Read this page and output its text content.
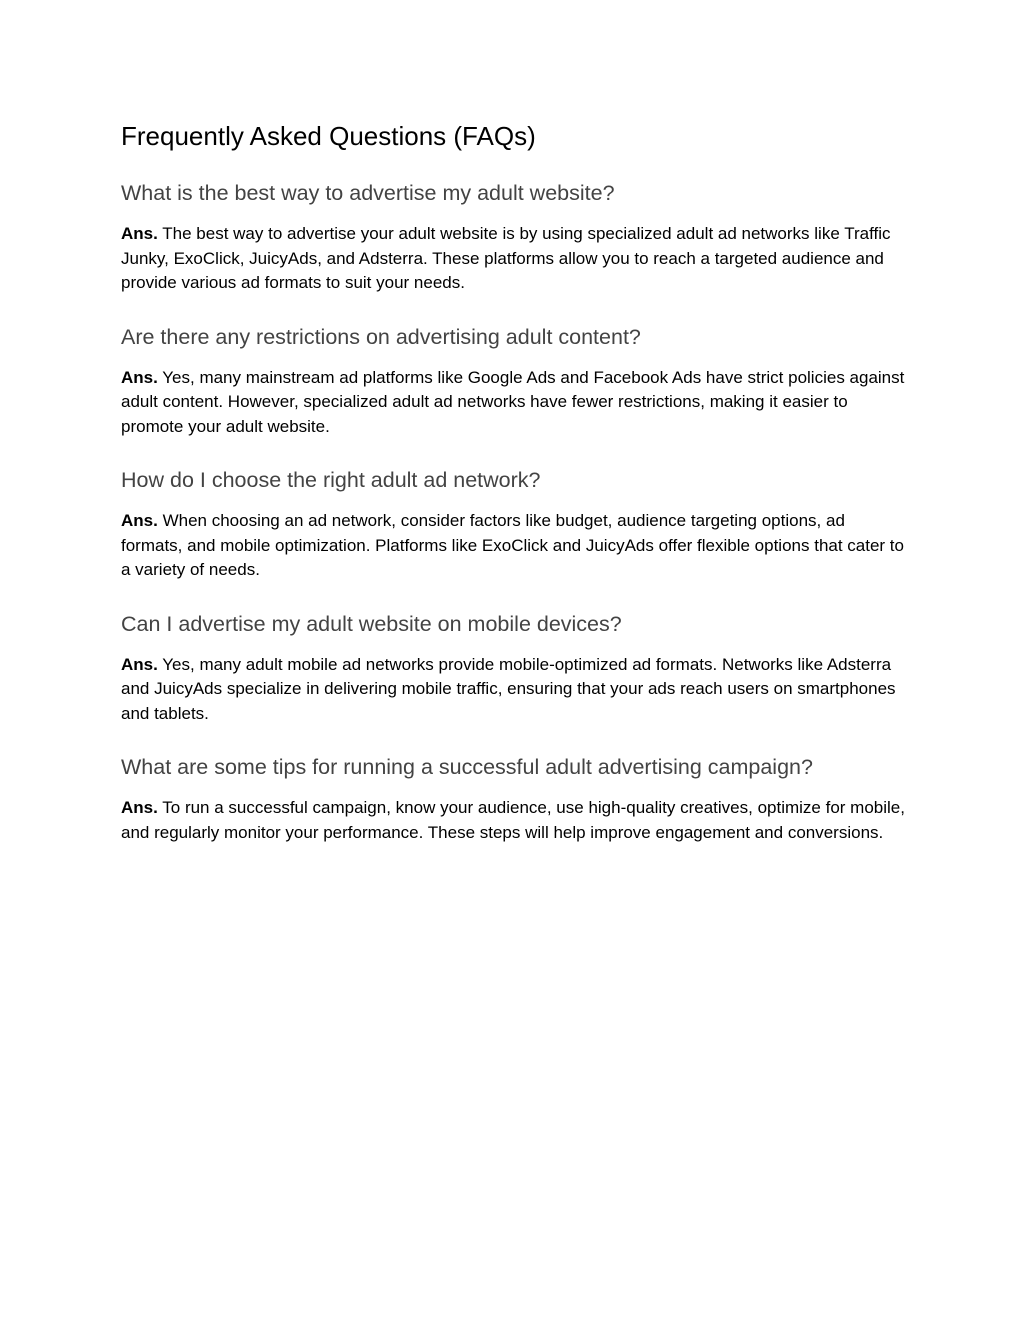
Frequently Asked Questions (FAQs)
What is the best way to advertise my adult website?

Ans. The best way to advertise your adult website is by using specialized adult ad networks like Traffic Junky, ExoClick, JuicyAds, and Adsterra. These platforms allow you to reach a targeted audience and provide various ad formats to suit your needs.

Are there any restrictions on advertising adult content?

Ans. Yes, many mainstream ad platforms like Google Ads and Facebook Ads have strict policies against adult content. However, specialized adult ad networks have fewer restrictions, making it easier to promote your adult website.

How do I choose the right adult ad network?

Ans. When choosing an ad network, consider factors like budget, audience targeting options, ad formats, and mobile optimization. Platforms like ExoClick and JuicyAds offer flexible options that cater to a variety of needs.

Can I advertise my adult website on mobile devices?

Ans. Yes, many adult mobile ad networks provide mobile-optimized ad formats. Networks like Adsterra and JuicyAds specialize in delivering mobile traffic, ensuring that your ads reach users on smartphones and tablets.

What are some tips for running a successful adult advertising campaign?

Ans. To run a successful campaign, know your audience, use high-quality creatives, optimize for mobile, and regularly monitor your performance. These steps will help improve engagement and conversions.
